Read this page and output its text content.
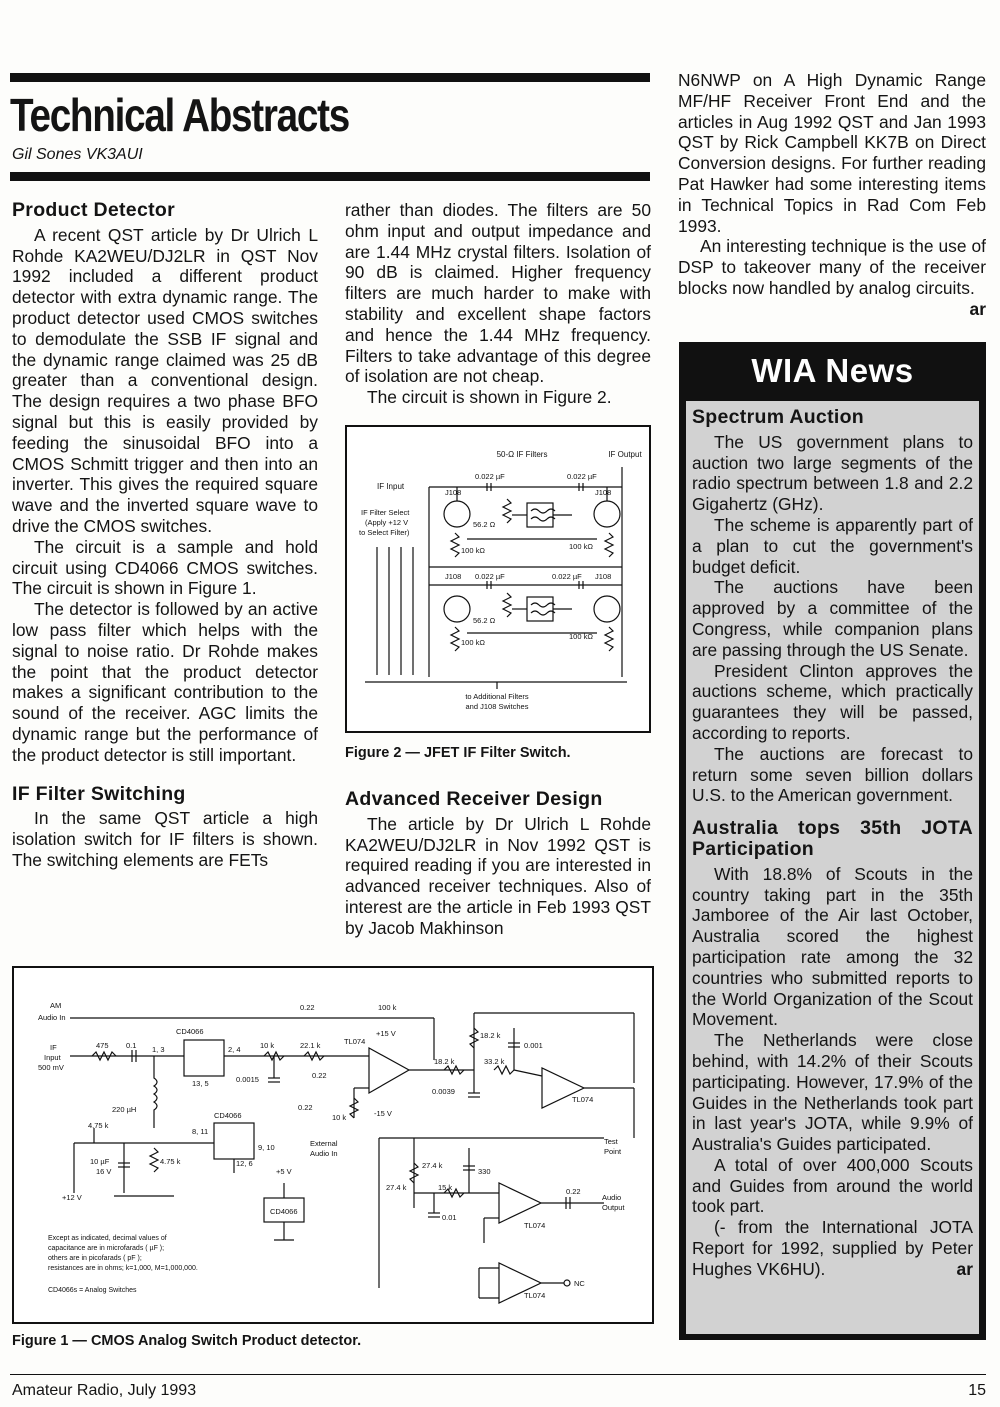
Technical Abstracts
Gil Sones VK3AUI
Product Detector

A recent QST article by Dr Ulrich L Rohde KA2WEU/DJ2LR in QST Nov 1992 included a different product detector with extra dynamic range. The product detector used CMOS switches to demodulate the SSB IF signal and the dynamic range claimed was 25 dB greater than a conventional design. The design requires a two phase BFO signal but this is easily provided by feeding the sinusoidal BFO into a CMOS Schmitt trigger and then into an inverter. This gives the required square wave and the inverted square wave to drive the CMOS switches.

The circuit is a sample and hold circuit using CD4066 CMOS switches. The circuit is shown in Figure 1.

The detector is followed by an active low pass filter which helps with the signal to noise ratio. Dr Rohde makes the point that the product detector makes a significant contribution to the sound of the receiver. AGC limits the dynamic range but the performance of the product detector is still important.

IF Filter Switching

In the same QST article a high isolation switch for IF filters is shown. The switching elements are FETs

rather than diodes. The filters are 50 ohm input and output impedance and are 1.44 MHz crystal filters. Isolation of 90 dB is claimed. Higher frequency filters are much harder to make with stability and excellent shape factors and hence the 1.44 MHz frequency. Filters to take advantage of this degree of isolation are not cheap.

The circuit is shown in Figure 2.

50-Ω IF Filters	IF Output
IF Input
IF Filter Select
(Apply +12 V
to Select Filter)
J108	J108
0.022 µF	0.022 µF
56.2 Ω
100 kΩ	100 kΩ
J108	J108
0.022 µF	0.022 µF
56.2 Ω
100 kΩ
100 kΩ
to Additional Filters
and J108 Switches
Figure 2 — JFET IF Filter Switch.
Advanced Receiver Design

The article by Dr Ulrich L Rohde KA2WEU/DJ2LR in Nov 1992 QST is required reading if you are interested in advanced receiver techniques. Also of interest are the article in Feb 1993 QST by Jacob Makhinson

N6NWP on A High Dynamic Range MF/HF Receiver Front End and the articles in Aug 1992 QST and Jan 1993 QST by Rick Campbell KK7B on Direct Conversion designs. For further reading Pat Hawker had some interesting items in Technical Topics in Rad Com Feb 1993.

An interesting technique is the use of DSP to takeover many of the receiver blocks now handled by analog circuits.
ar

WIA News
Spectrum Auction

The US government plans to auction two large segments of the radio spectrum between 1.8 and 2.2 Gigahertz (GHz).

The scheme is apparently part of a plan to cut the government's budget deficit.

The auctions have been approved by a committee of the Congress, while companion plans are passing through the US Senate.

President Clinton approves the auctions scheme, which practically guarantees they will be passed, according to reports.

The auctions are forecast to return some seven billion dollars U.S. to the American government.

Australia tops 35th JOTA Participation

With 18.8% of Scouts in the country taking part in the 35th Jamboree of the Air last October, Australia scored the highest participation rate among the 32 countries who submitted reports to the World Organization of the Scout Movement.

The Netherlands were close behind, with 14.2% of their Scouts participating. However, 17.9% of the Guides in the Netherlands took part in last year's JOTA, while 9.9% of Australia's Guides participated.

A total of over 400,000 Scouts and Guides from around the world took part.

(- from the International JOTA Report for 1992, supplied by Peter Hughes VK6HU).	ar

AM
Audio In
IF
Input
500 mV
475 0.1
CD4066
1, 3	2, 4
13, 5
10 k	22.1 k
0.0015
0.22	100 k
+15 V
TL074
0.22
0.22
-15 V
10 k
18.2 k
0.001
18.2 k	33.2 k
0.0039
TL074
220 µH
CD4066
8, 11
9, 10
12, 6
4.75 k
4.75 k
10 µF
16 V
+12 V
External
Audio In
+5 V
CD4066
Test
Point
27.4 k
330
27.4 k	15 k
0.01
TL074
0.22
Audio
Output
TL074
NC
Except as indicated, decimal values of
capacitance are in microfarads ( µF );
others are in picofarads ( pF );
resistances are in ohms; k=1,000, M=1,000,000.
CD4066s = Analog Switches
Figure 1 — CMOS Analog Switch Product detector.
Amateur Radio, July 1993	15
